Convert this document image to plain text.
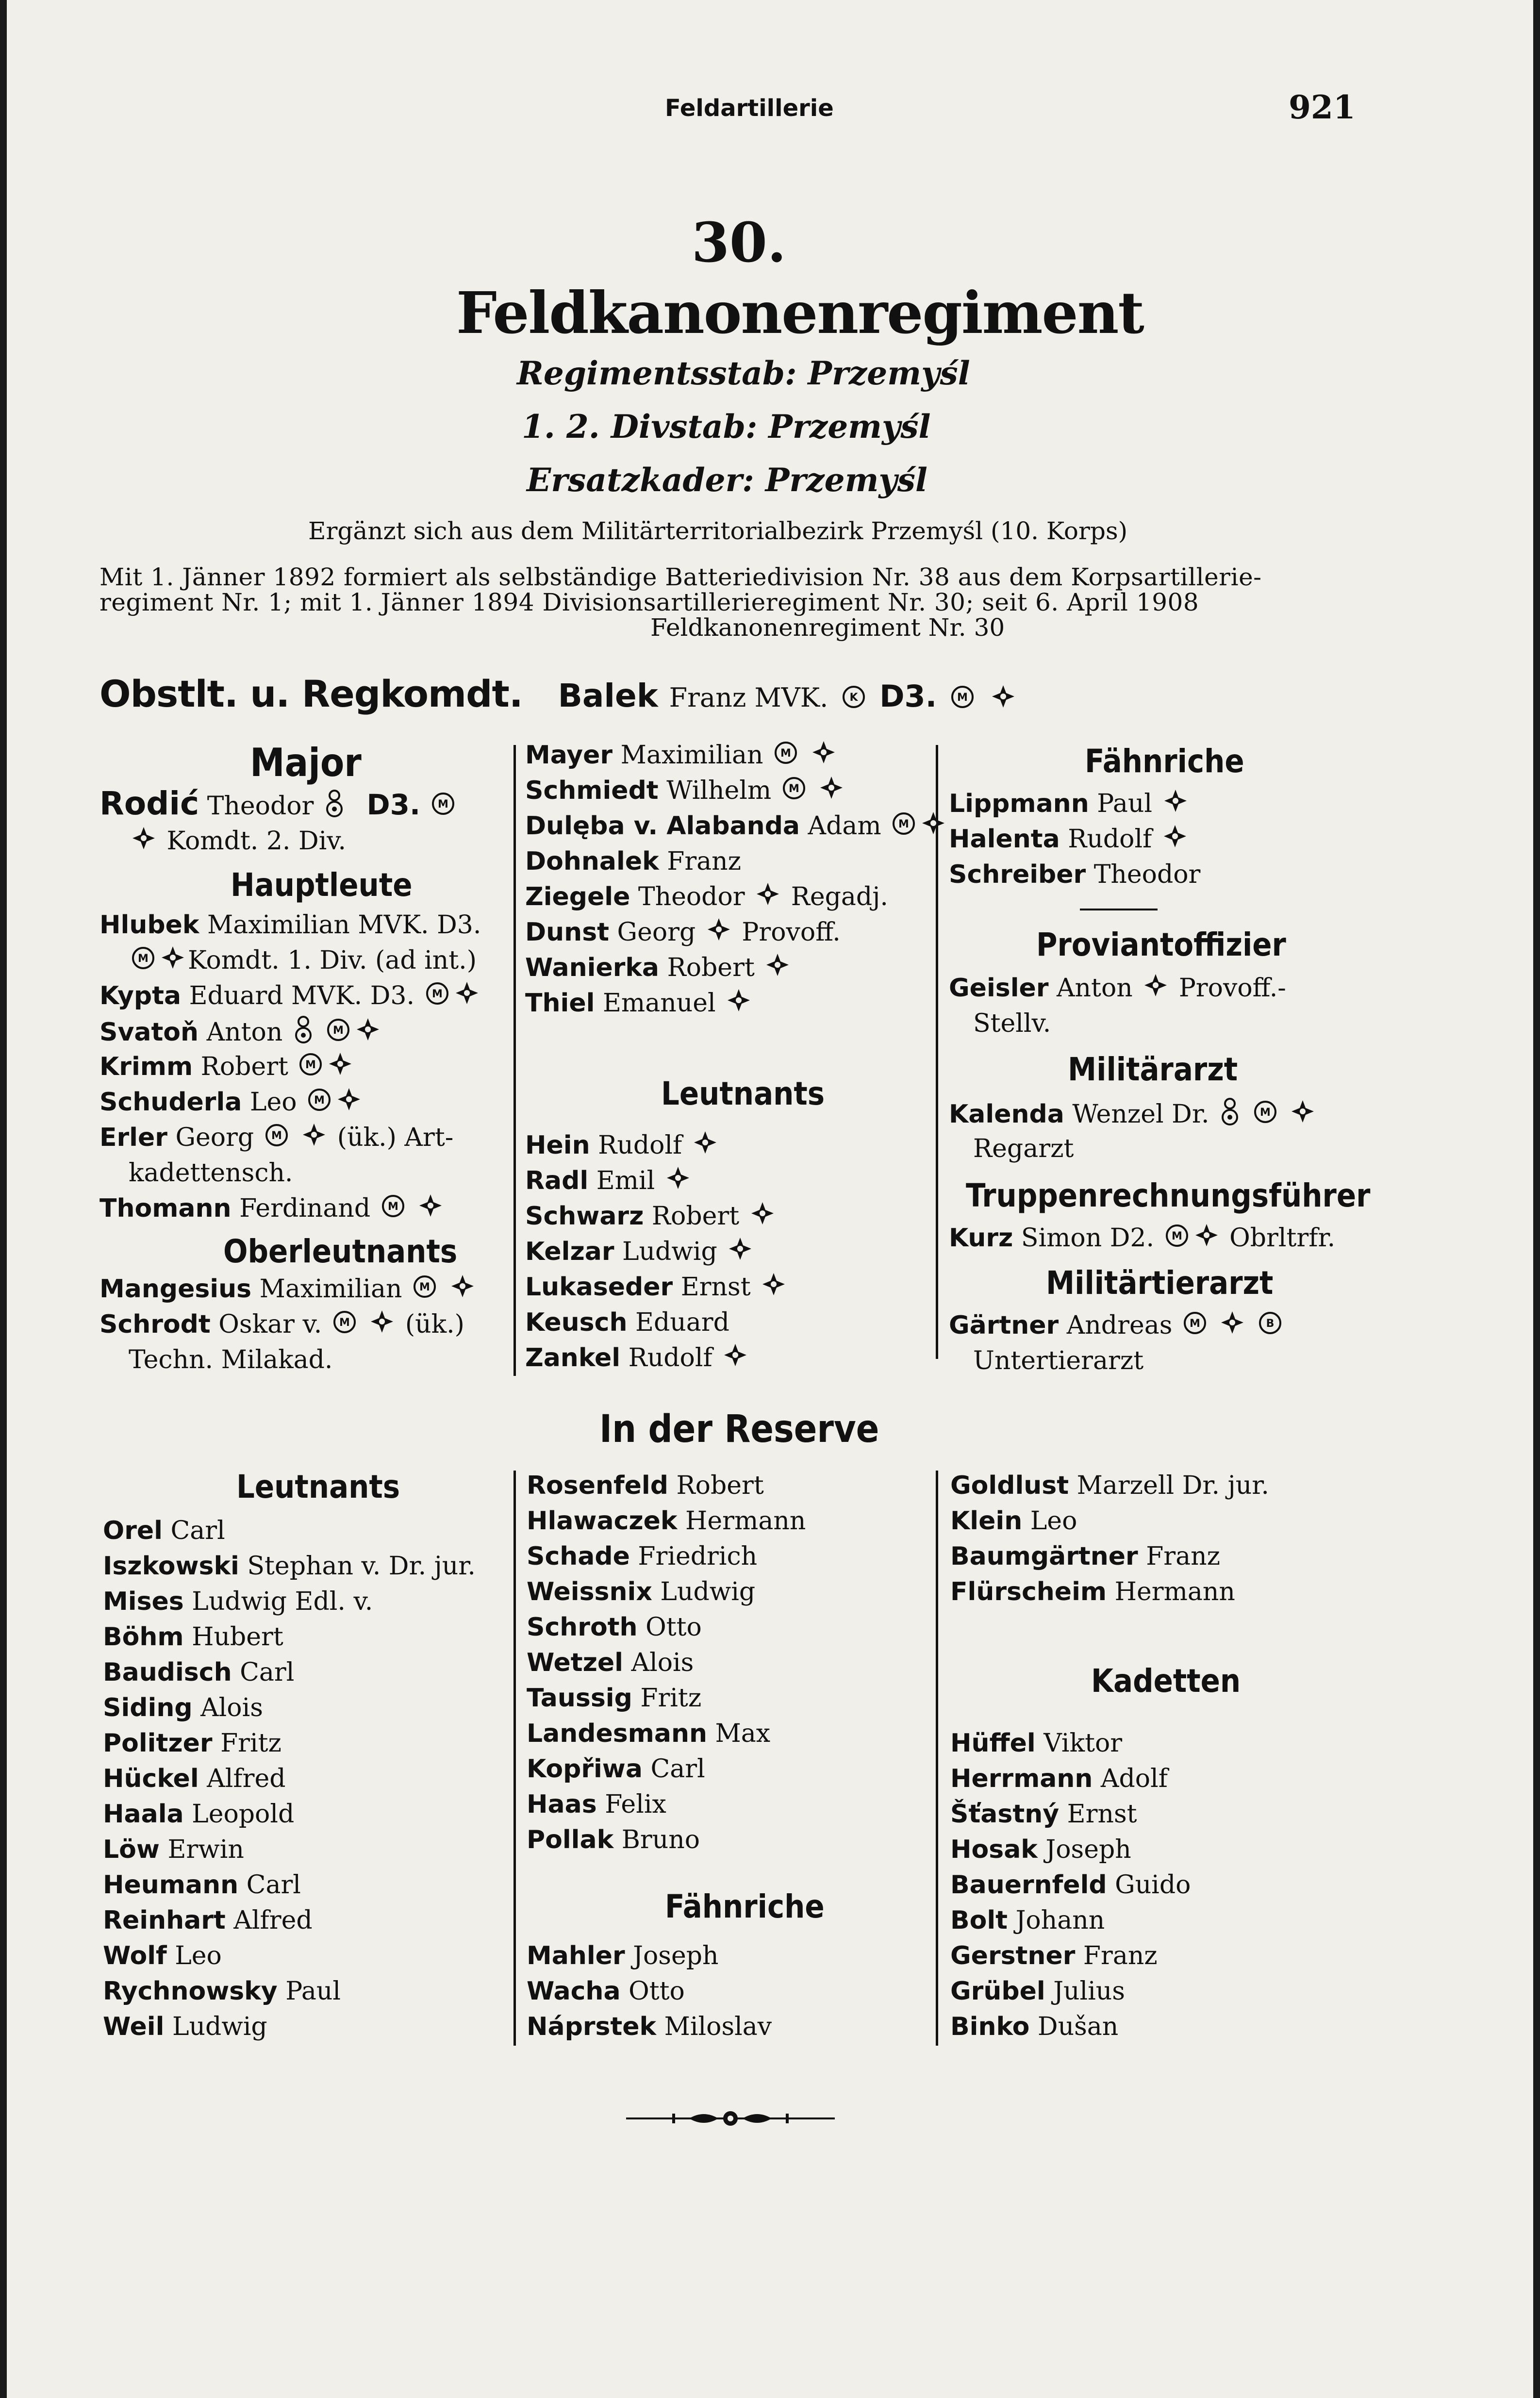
Feldartillerie	921
30.
Feldkanonenregiment
Regimentsstab: Przemyśl
1. 2. Divstab: Przemyśl
Ersatzkader: Przemyśl
Ergänzt sich aus dem Militärterritorialbezirk Przemyśl (10. Korps)
Mit 1. Jänner 1892 formiert als selbständige Batteriedivision Nr. 38 aus dem Korpsartillerie-
regiment Nr. 1; mit 1. Jänner 1894 Divisionsartillerieregiment Nr. 30; seit 6. April 1908
Feldkanonenregiment Nr. 30
Obstlt. u. Regkomdt. Balek Franz MVK. K D3. M

Major
Rodić Theodor D3. M
Komdt. 2. Div.
Hauptleute
Hlubek Maximilian MVK. D3.
M Komdt. 1. Div. (ad int.)
Kypta Eduard MVK. D3. M
Svatoň Anton	M
Krimm Robert M
Schuderla Leo M
Erler Georg M (ük.) Art-
kadettensch.
Thomann Ferdinand M

Oberleutnants
Mangesius Maximilian M

Schrodt Oskar v. M (ük.)
Techn. Milakad.
Mayer Maximilian M

Schmiedt Wilhelm M

Dulęba v. Alabanda Adam M
Dohnalek Franz
Ziegele Theodor Regadj.
Dunst Georg Provoff.
Wanierka Robert
Thiel Emanuel
Leutnants
Hein Rudolf
Radl Emil
Schwarz Robert
Kelzar Ludwig
Lukaseder Ernst
Keusch Eduard
Zankel Rudolf
Fähnriche
Lippmann Paul
Halenta Rudolf
Schreiber Theodor
Proviantoffizier
Geisler Anton Provoff.-
Stellv.
Militärarzt
Kalenda Wenzel Dr.	M

Regarzt
Truppenrechnungsführer
Kurz Simon D2. M Obrltrfr.
Militärtierarzt
Gärtner Andreas M
	B
Untertierarzt
In der Reserve
Leutnants
Orel Carl
Iszkowski Stephan v. Dr. jur.
Mises Ludwig Edl. v.
Böhm Hubert
Baudisch Carl
Siding Alois
Politzer Fritz
Hückel Alfred
Haala Leopold
Löw Erwin
Heumann Carl
Reinhart Alfred
Wolf Leo
Rychnowsky Paul
Weil Ludwig
Rosenfeld Robert
Hlawaczek Hermann
Schade Friedrich
Weissnix Ludwig
Schroth Otto
Wetzel Alois
Taussig Fritz
Landesmann Max
Kopřiwa Carl
Haas Felix
Pollak Bruno
Fähnriche
Mahler Joseph
Wacha Otto
Náprstek Miloslav
Goldlust Marzell Dr. jur.
Klein Leo
Baumgärtner Franz
Flürscheim Hermann
Kadetten
Hüffel Viktor
Herrmann Adolf
Šťastný Ernst
Hosak Joseph
Bauernfeld Guido
Bolt Johann
Gerstner Franz
Grübel Julius
Binko Dušan
